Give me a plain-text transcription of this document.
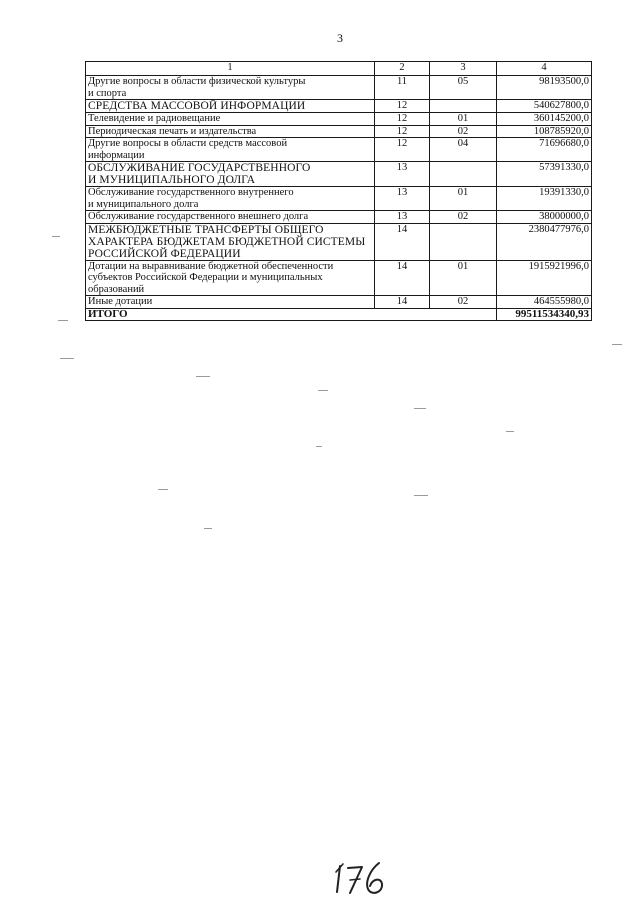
3
1	2	3	4

Другие вопросы в области физической культуры
и спорта	11	05	98193500,0

СРЕДСТВА МАССОВОЙ ИНФОРМАЦИИ	12		540627800,0

Телевидение и радиовещание	12	01	360145200,0

Периодическая печать и издательства	12	02	108785920,0

Другие вопросы в области средств массовой
информации	12	04	71696680,0

ОБСЛУЖИВАНИЕ ГОСУДАРСТВЕННОГО
И МУНИЦИПАЛЬНОГО ДОЛГА	13		57391330,0

Обслуживание государственного внутреннего
и муниципального долга	13	01	19391330,0

Обслуживание государственного внешнего долга	13	02	38000000,0

МЕЖБЮДЖЕТНЫЕ ТРАНСФЕРТЫ ОБЩЕГО
ХАРАКТЕРА БЮДЖЕТАМ БЮДЖЕТНОЙ СИСТЕМЫ
РОССИЙСКОЙ ФЕДЕРАЦИИ	14		2380477976,0

Дотации на выравнивание бюджетной обеспеченности
субъектов Российской Федерации и муниципальных
образований	14	01	1915921996,0

Иные дотации	14	02	464555980,0
ИТОГО			99511534340,93
